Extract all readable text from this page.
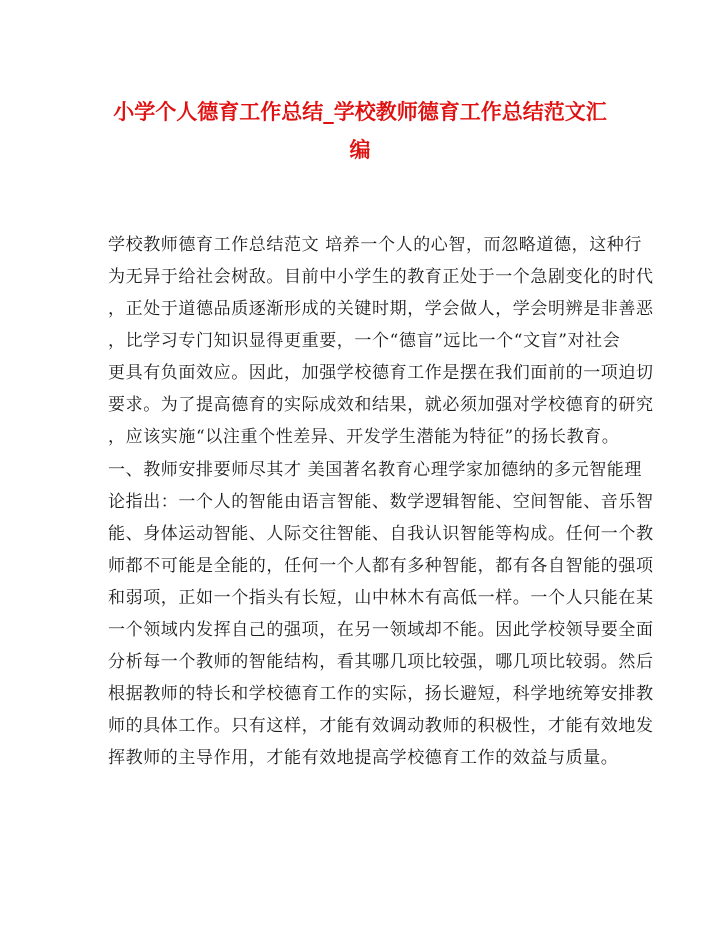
小学个人德育工作总结_学校教师德育工作总结范文汇
编

学校教师德育工作总结范文 培养一个人的心智，而忽略道德，这种行

为无异于给社会树敌。目前中小学生的教育正处于一个急剧变化的时代

，正处于道德品质逐渐形成的关键时期，学会做人，学会明辨是非善恶

，比学习专门知识显得更重要，一个“德盲”远比一个“文盲”对社会

更具有负面效应。因此，加强学校德育工作是摆在我们面前的一项迫切

要求。为了提高德育的实际成效和结果，就必须加强对学校德育的研究

，应该实施“以注重个性差异、开发学生潜能为特征”的扬长教育。

一、教师安排要师尽其才 美国著名教育心理学家加德纳的多元智能理

论指出：一个人的智能由语言智能、数学逻辑智能、空间智能、音乐智

能、身体运动智能、人际交往智能、自我认识智能等构成。任何一个教

师都不可能是全能的，任何一个人都有多种智能，都有各自智能的强项

和弱项，正如一个指头有长短，山中林木有高低一样。一个人只能在某

一个领域内发挥自己的强项，在另一领域却不能。因此学校领导要全面

分析每一个教师的智能结构，看其哪几项比较强，哪几项比较弱。然后

根据教师的特长和学校德育工作的实际，扬长避短，科学地统筹安排教

师的具体工作。只有这样，才能有效调动教师的积极性，才能有效地发

挥教师的主导作用，才能有效地提高学校德育工作的效益与质量。
